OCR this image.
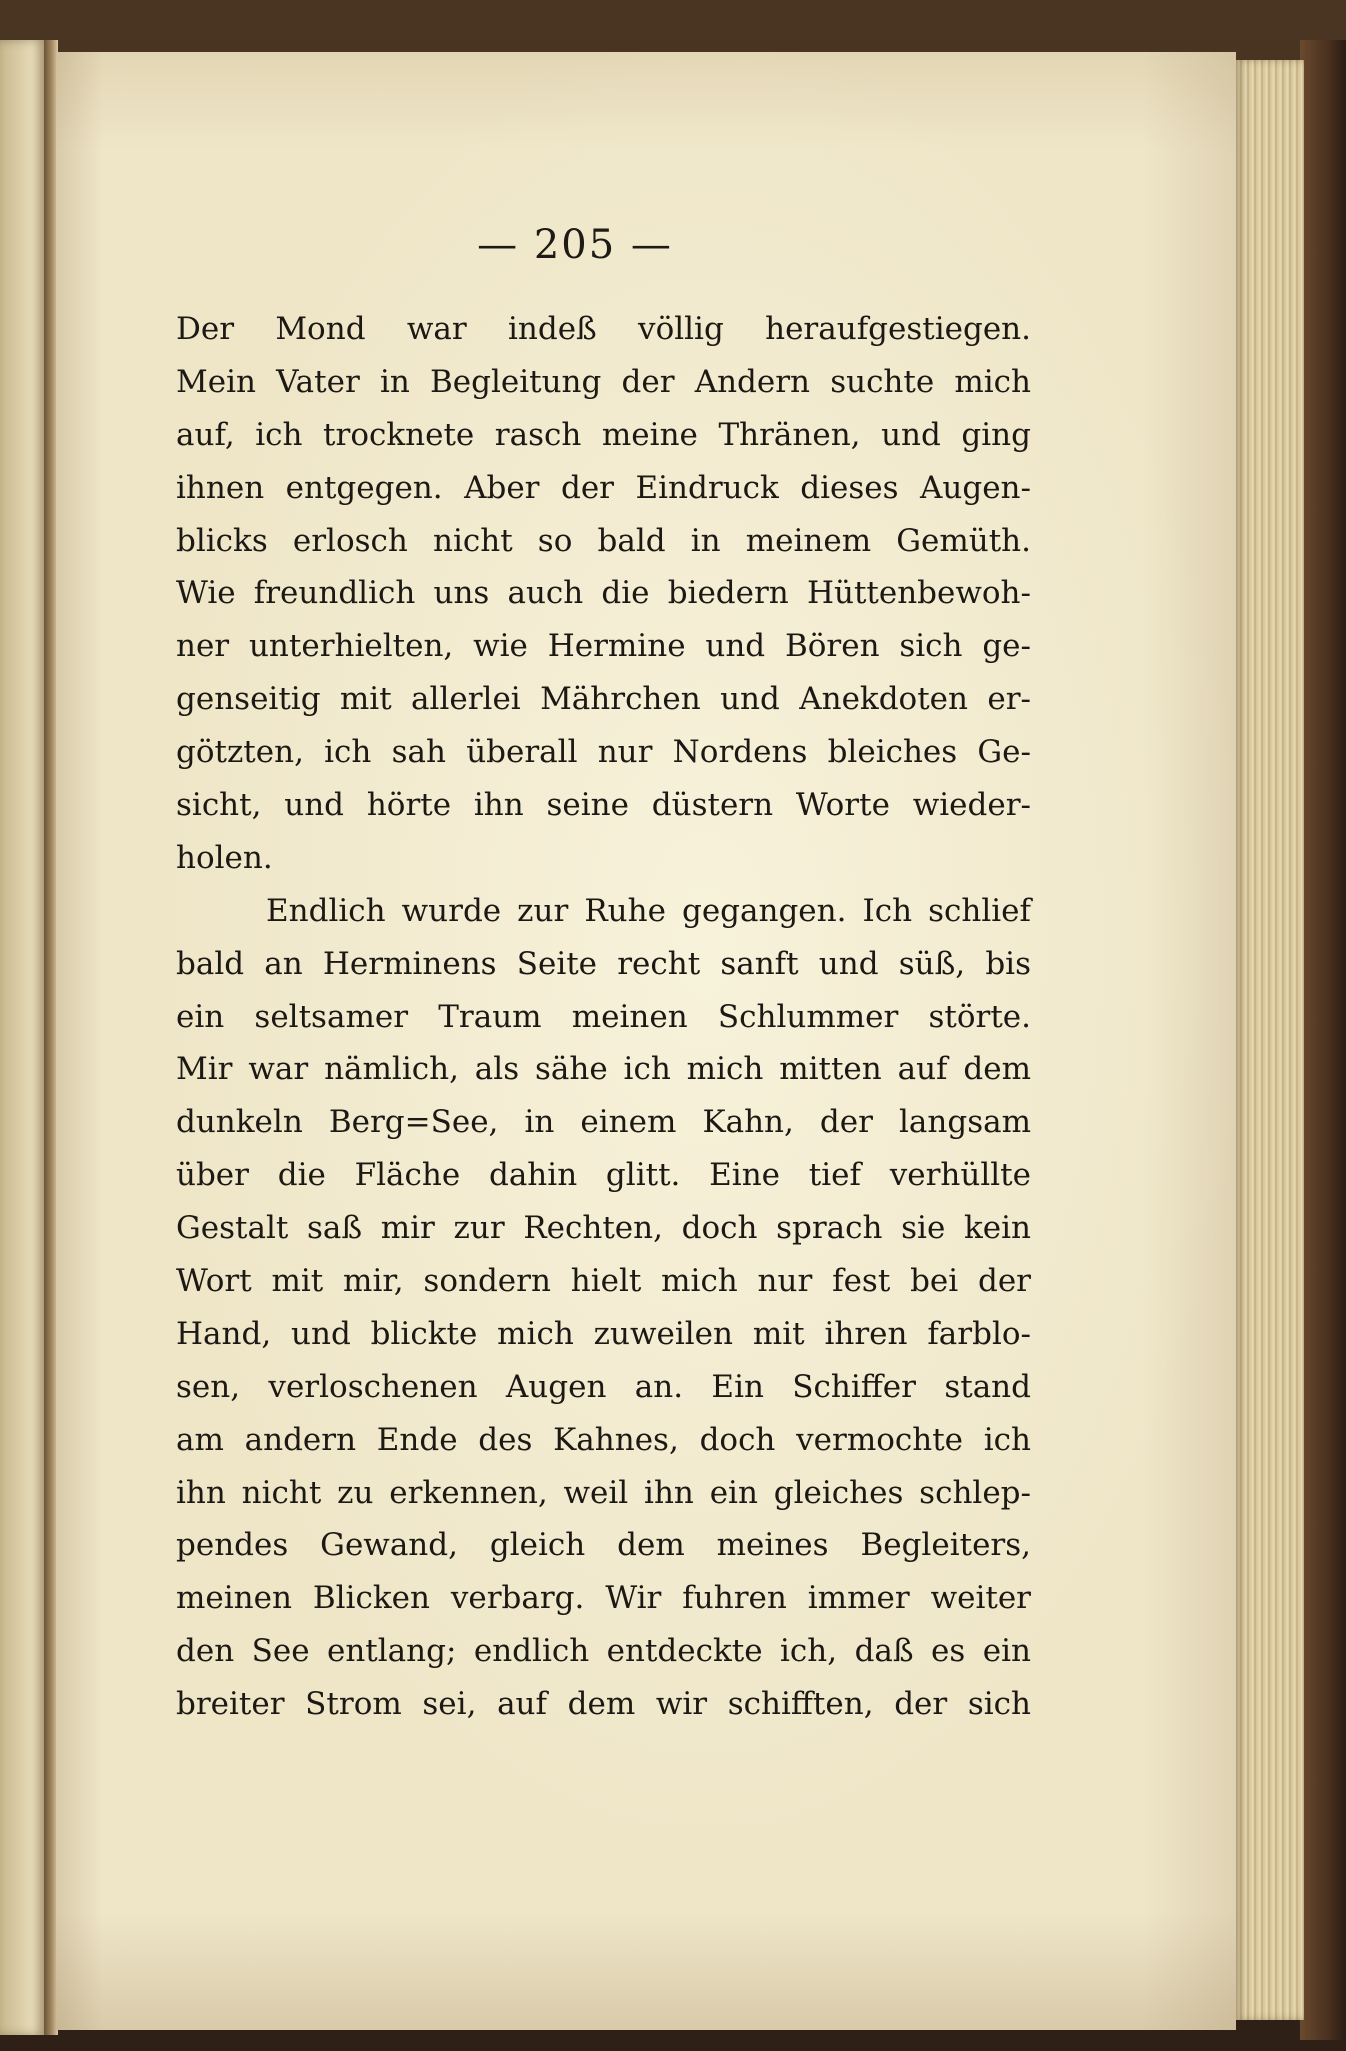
— 205 —
Der Mond war indeß völlig heraufgestiegen.
Mein Vater in Begleitung der Andern suchte mich
auf, ich trocknete rasch meine Thränen, und ging
ihnen entgegen. Aber der Eindruck dieses Augen-
blicks erlosch nicht so bald in meinem Gemüth.
Wie freundlich uns auch die biedern Hüttenbewoh-
ner unterhielten, wie Hermine und Bören sich ge-
genseitig mit allerlei Mährchen und Anekdoten er-
götzten, ich sah überall nur Nordens bleiches Ge-
sicht, und hörte ihn seine düstern Worte wieder-
holen.
Endlich wurde zur Ruhe gegangen. Ich schlief
bald an Herminens Seite recht sanft und süß, bis
ein seltsamer Traum meinen Schlummer störte.
Mir war nämlich, als sähe ich mich mitten auf dem
dunkeln Berg=See, in einem Kahn, der langsam
über die Fläche dahin glitt. Eine tief verhüllte
Gestalt saß mir zur Rechten, doch sprach sie kein
Wort mit mir, sondern hielt mich nur fest bei der
Hand, und blickte mich zuweilen mit ihren farblo-
sen, verloschenen Augen an. Ein Schiffer stand
am andern Ende des Kahnes, doch vermochte ich
ihn nicht zu erkennen, weil ihn ein gleiches schlep-
pendes Gewand, gleich dem meines Begleiters,
meinen Blicken verbarg. Wir fuhren immer weiter
den See entlang; endlich entdeckte ich, daß es ein
breiter Strom sei, auf dem wir schifften, der sich
